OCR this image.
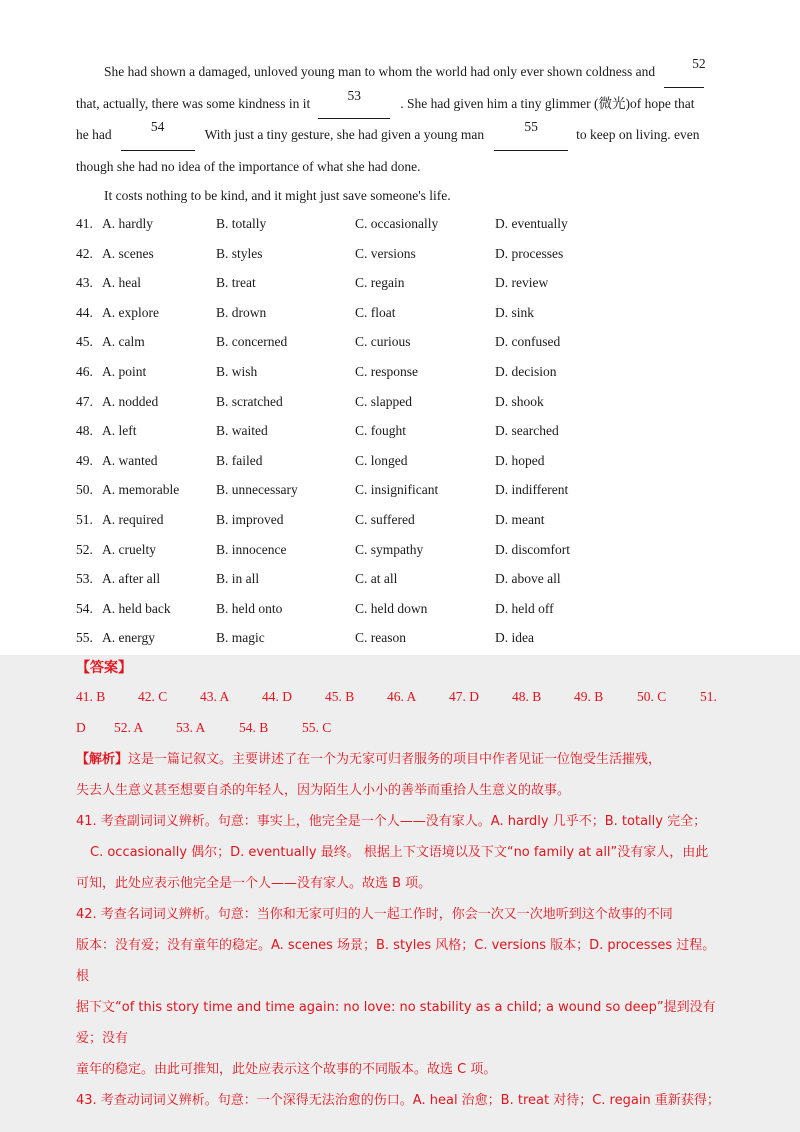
She had shown a damaged, unloved young man to whom the world had only ever shown coldness and
52

that, actually, there was some kindness in it
53
. She had given him a tiny glimmer (微光)of hope that

he had
54
With just a tiny gesture, she had given a young man
55
to keep on living. even

though she had no idea of the importance of what she had done.

It costs nothing to be kind, and it might just save someone's life.

41. A. hardly	B. totally	C. occasionally	D. eventually
42. A. scenes	B. styles	C. versions	D. processes
43. A. heal	B. treat	C. regain	D. review
44. A. explore	B. drown	C. float	D. sink
45. A. calm	B. concerned	C. curious	D. confused
46. A. point	B. wish	C. response	D. decision
47. A. nodded	B. scratched	C. slapped	D. shook
48. A. left	B. waited	C. fought	D. searched
49. A. wanted	B. failed	C. longed	D. hoped
50. A. memorable	B. unnecessary	C. insignificant	D. indifferent
51. A. required	B. improved	C. suffered	D. meant
52. A. cruelty	B. innocence	C. sympathy	D. discomfort
53. A. after all	B. in all	C. at all	D. above all
54. A. held back	B. held onto	C. held down	D. held off
55. A. energy	B. magic	C. reason	D. idea
【答案】
41. B 42. C 43. A 44. D 45. B 46. A 47. D 48. B 49. B 50. C 51.
D 52. A 53. A 54. B 55. C

【解析】这是一篇记叙文。主要讲述了在一个为无家可归者服务的项目中作者见证一位饱受生活摧残，

失去人生意义甚至想要自杀的年轻人，因为陌生人小小的善举而重拾人生意义的故事。

41. 考查副词词义辨析。句意：事实上，他完全是一个人——没有家人。A. hardly 几乎不；B. totally 完全；

C. occasionally 偶尔；D. eventually 最终。 根据上下文语境以及下文“no family at all”没有家人，由此

可知，此处应表示他完全是一个人——没有家人。故选 B 项。

42. 考查名词词义辨析。句意：当你和无家可归的人一起工作时，你会一次又一次地听到这个故事的不同

版本：没有爱；没有童年的稳定。A. scenes 场景；B. styles 风格；C. versions 版本；D. processes 过程。根

据下文“of this story time and time again: no love: no stability as a child; a wound so deep”提到没有爱；没有

童年的稳定。由此可推知，此处应表示这个故事的不同版本。故选 C 项。

43. 考查动词词义辨析。句意：一个深得无法治愈的伤口。A. heal 治愈；B. treat 对待；C. regain 重新获得；
